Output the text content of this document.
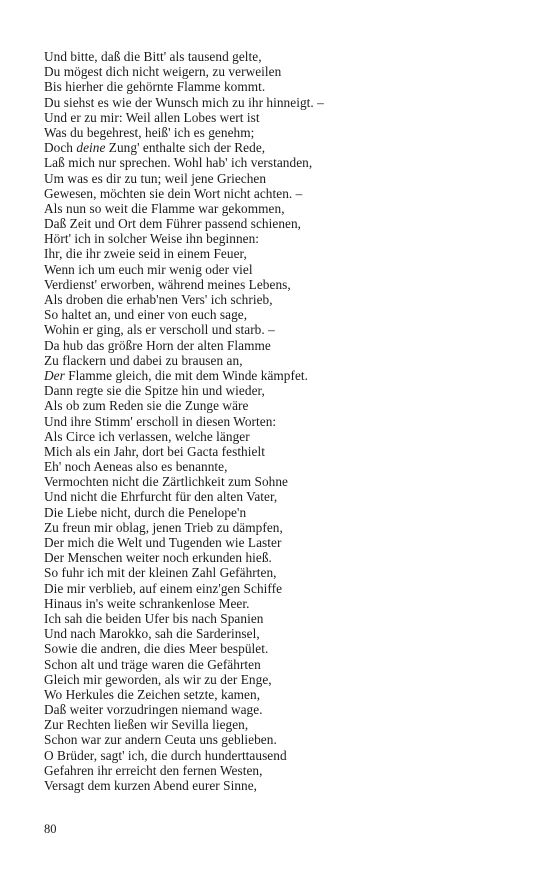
Und bitte, daß die Bitt' als tausend gelte,
Du mögest dich nicht weigern, zu verweilen
Bis hierher die gehörnte Flamme kommt.
Du siehst es wie der Wunsch mich zu ihr hinneigt. –
Und er zu mir: Weil allen Lobes wert ist
Was du begehrest, heiß' ich es genehm;
Doch deine Zung' enthalte sich der Rede,
Laß mich nur sprechen. Wohl hab' ich verstanden,
Um was es dir zu tun; weil jene Griechen
Gewesen, möchten sie dein Wort nicht achten. –
Als nun so weit die Flamme war gekommen,
Daß Zeit und Ort dem Führer passend schienen,
Hört' ich in solcher Weise ihn beginnen:
Ihr, die ihr zweie seid in einem Feuer,
Wenn ich um euch mir wenig oder viel
Verdienst' erworben, während meines Lebens,
Als droben die erhab'nen Vers' ich schrieb,
So haltet an, und einer von euch sage,
Wohin er ging, als er verscholl und starb. –
Da hub das größre Horn der alten Flamme
Zu flackern und dabei zu brausen an,
Der Flamme gleich, die mit dem Winde kämpfet.
Dann regte sie die Spitze hin und wieder,
Als ob zum Reden sie die Zunge wäre
Und ihre Stimm' erscholl in diesen Worten:
Als Circe ich verlassen, welche länger
Mich als ein Jahr, dort bei Gacta festhielt
Eh' noch Aeneas also es benannte,
Vermochten nicht die Zärtlichkeit zum Sohne
Und nicht die Ehrfurcht für den alten Vater,
Die Liebe nicht, durch die Penelope'n
Zu freun mir oblag, jenen Trieb zu dämpfen,
Der mich die Welt und Tugenden wie Laster
Der Menschen weiter noch erkunden hieß.
So fuhr ich mit der kleinen Zahl Gefährten,
Die mir verblieb, auf einem einz'gen Schiffe
Hinaus in's weite schrankenlose Meer.
Ich sah die beiden Ufer bis nach Spanien
Und nach Marokko, sah die Sarderinsel,
Sowie die andren, die dies Meer bespület.
Schon alt und träge waren die Gefährten
Gleich mir geworden, als wir zu der Enge,
Wo Herkules die Zeichen setzte, kamen,
Daß weiter vorzudringen niemand wage.
Zur Rechten ließen wir Sevilla liegen,
Schon war zur andern Ceuta uns geblieben.
O Brüder, sagt' ich, die durch hunderttausend
Gefahren ihr erreicht den fernen Westen,
Versagt dem kurzen Abend eurer Sinne,
80
